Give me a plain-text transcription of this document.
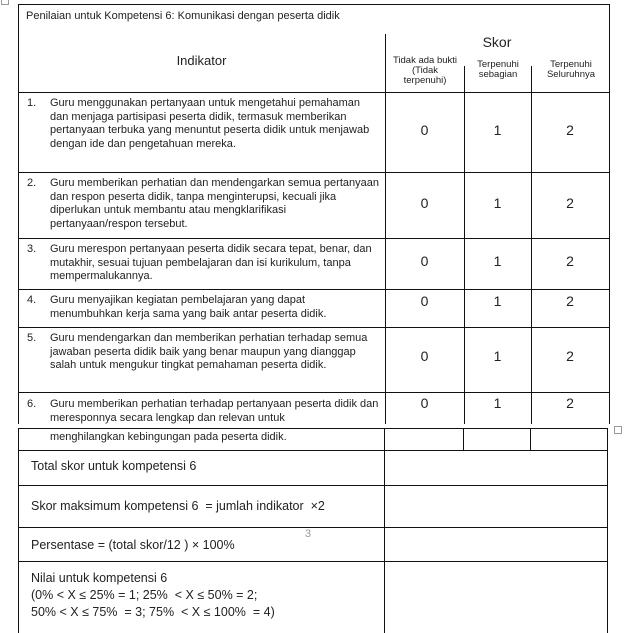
Penilaian untuk Kompetensi 6: Komunikasi dengan peserta didik
Indikator
Skor
Tidak ada bukti (Tidak terpenuhi)
Terpenuhi sebagian
Terpenuhi Seluruhnya
1. Guru menggunakan pertanyaan untuk mengetahui pemahaman dan menjaga partisipasi peserta didik, termasuk memberikan pertanyaan terbuka yang menuntut peserta didik untuk menjawab dengan ide dan pengetahuan mereka.
0	1	2
2. Guru memberikan perhatian dan mendengarkan semua pertanyaan dan respon peserta didik, tanpa menginterupsi, kecuali jika diperlukan untuk membantu atau mengklarifikasi pertanyaan/respon tersebut.
0	1	2
3. Guru merespon pertanyaan peserta didik secara tepat, benar, dan mutakhir, sesuai tujuan pembelajaran dan isi kurikulum, tanpa mempermalukannya.
0	1	2
4. Guru menyajikan kegiatan pembelajaran yang dapat menumbuhkan kerja sama yang baik antar peserta didik.
0	1	2
5. Guru mendengarkan dan memberikan perhatian terhadap semua jawaban peserta didik baik yang benar maupun yang dianggap salah untuk mengukur tingkat pemahaman peserta didik.
0	1	2
6. Guru memberikan perhatian terhadap pertanyaan peserta didik dan meresponnya secara lengkap dan relevan untuk
0	1	2
menghilangkan kebingungan pada peserta didik.
Total skor untuk kompetensi 6
Skor maksimum kompetensi 6  = jumlah indikator  ×2
Persentase = (total skor/12 ) × 100%
3
Nilai untuk kompetensi 6
(0% < X ≤ 25% = 1; 25%  < X ≤ 50% = 2;
50% < X ≤ 75%  = 3; 75%  < X ≤ 100%  = 4)
